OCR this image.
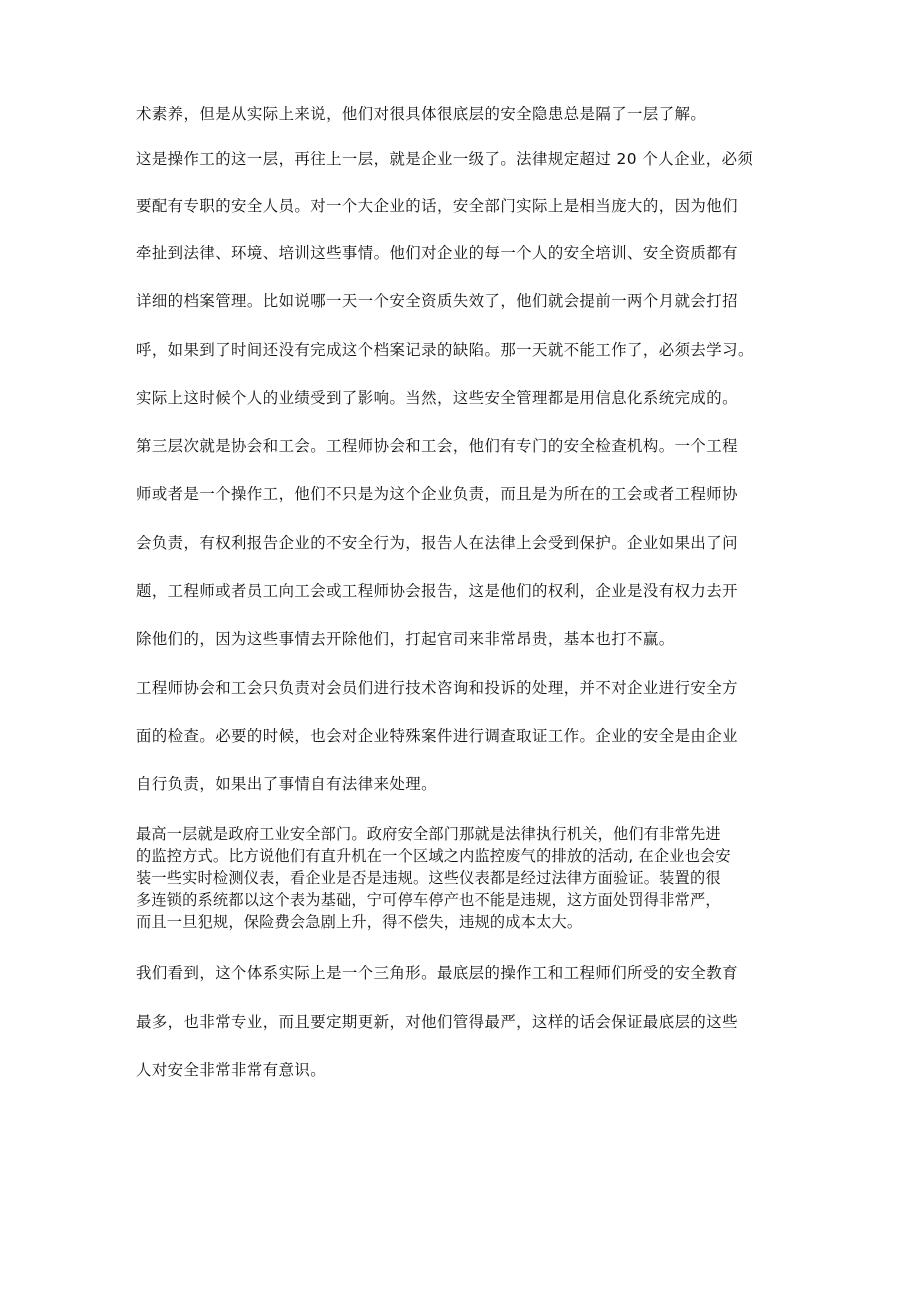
术素养，但是从实际上来说，他们对很具体很底层的安全隐患总是隔了一层了解。
这是操作工的这一层，再往上一层，就是企业一级了。法律规定超过 20 个人企业，必须
要配有专职的安全人员。对一个大企业的话，安全部门实际上是相当庞大的，因为他们
牵扯到法律、环境、培训这些事情。他们对企业的每一个人的安全培训、安全资质都有
详细的档案管理。比如说哪一天一个安全资质失效了，他们就会提前一两个月就会打招
呼，如果到了时间还没有完成这个档案记录的缺陷。那一天就不能工作了，必须去学习。
实际上这时候个人的业绩受到了影响。当然，这些安全管理都是用信息化系统完成的。
第三层次就是协会和工会。工程师协会和工会，他们有专门的安全检查机构。一个工程
师或者是一个操作工，他们不只是为这个企业负责，而且是为所在的工会或者工程师协
会负责，有权利报告企业的不安全行为，报告人在法律上会受到保护。企业如果出了问
题，工程师或者员工向工会或工程师协会报告，这是他们的权利，企业是没有权力去开
除他们的，因为这些事情去开除他们，打起官司来非常昂贵，基本也打不赢。
工程师协会和工会只负责对会员们进行技术咨询和投诉的处理，并不对企业进行安全方
面的检查。必要的时候，也会对企业特殊案件进行调查取证工作。企业的安全是由企业
自行负责，如果出了事情自有法律来处理。
最高一层就是政府工业安全部门。政府安全部门那就是法律执行机关，他们有非常先进
的监控方式。比方说他们有直升机在一个区域之内监控废气的排放的活动, 在企业也会安
装一些实时检测仪表，看企业是否是违规。这些仪表都是经过法律方面验证。装置的很
多连锁的系统都以这个表为基础，宁可停车停产也不能是违规，这方面处罚得非常严，
而且一旦犯规，保险费会急剧上升，得不偿失，违规的成本太大。
我们看到，这个体系实际上是一个三角形。最底层的操作工和工程师们所受的安全教育
最多，也非常专业，而且要定期更新，对他们管得最严，这样的话会保证最底层的这些
人对安全非常非常有意识。
